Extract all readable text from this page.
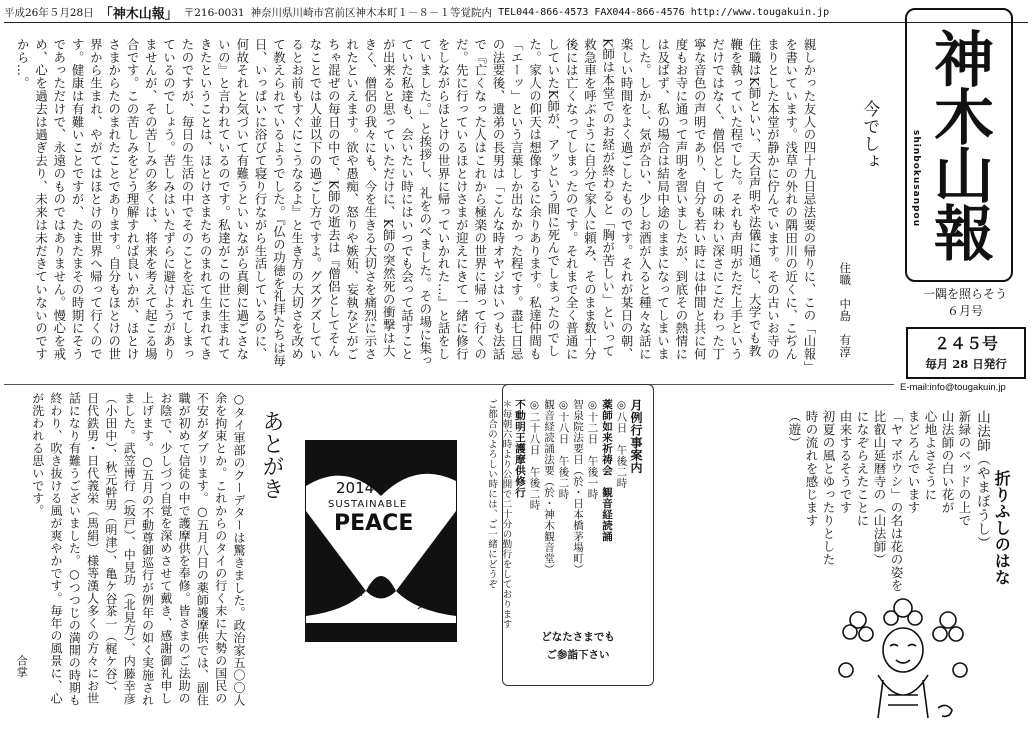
平成26年５月28日 「神木山報」 〒216-0031 神奈川県川崎市宮前区神木本町１－８－１等覚院内 TEL044-866-4573 FAX044-866-4576 http://www.tougakuin.jp
神木山報
shinbokusanpou
一隅を照らそう
６月号
２４５号
毎月 28 日発行
E-mail:info@tougakuin.jp
今でしょ
住職　中島　有淳
親しかった友人の四十九日忌法要の帰りに、この「山報」を書いています。浅草の外れの隅田川の近くに、こぢんまりとした本堂が静かに佇んでいます。その古いお寺の住職はK師といい、天台声明や法儀に通じ、大学でも教鞭を執っていた程でした。それも声明がただ上手というだけではなく、僧侶としての味わい深さにこだわった丁寧な音色の声明であり、自分も若い時には仲間と共に何度もお寺に通って声明を習いましたが、到底その熱情には及ばず、私の場合は結局中途のままになってしまいました。しかし、気が合い、少しお酒が入ると種々な話に楽しい時間をよく過ごしたものです。それが某日の朝、K師は本堂でのお経が終わると「胸が苦しい」といって救急車を呼ぶように自分で家人に頼み、そのまま数十分後には亡くなってしまったのです。それまで全く普通にしていたK師が、アッという間に死んでしまったのでした。家人の仰天は想像するに余りあります。私達仲間も「エーッ」という言葉しか出なかった程です。盡七日忌の法要後、遺弟の長男は「こんな時オヤジはいつも法話で『亡くなった人はこれから極楽の世界に帰って行くのだ。先に行っているほとけさまが迎えにきて一緒に修行をしながらほとけの世界に帰っていかれた…』と話をしていました。」と挨拶し、礼をのべました。その場に集っていた私達も、会いたい時にはいつでも会って話すことが出来ると思っていただけに、K師の突然死の衝撃は大きく、僧侶の我々にも、今を生きる大切さを痛烈に示されたといえます。欲や愚痴、怒りや嫉妬、妄執などがごちゃ混ぜの毎日の中で、K師の逝去は『僧侶としてそんなことでは人並以下の過ごし方ですよ。グズグズしているとお前もすぐにこうなるよ』と生き方の大切さを改めて教えられているようでした。『仏の功徳を礼拝たちは毎日、いっぱいに浴びて寝り行ながら生活しているのに、何故それと気づいて有難うといいながら真剣に過ごさないの』と言われているのです。私達がこの世に生まれてきたということは、ほとけさまたちのまれて生まれてきたのですが、毎日の生活の中でそのことを忘れてしまっているのでしょう。苦しみはいたずらに避けようがありませんが、その苦しみの多くは、将来を考えて起こる場合です。この苦しみをどう理解すれば良いかが、ほとけさまからたのまれたことであります。自分もほとけの世界から生まれ、やがてはほとけの世界へ帰って行くのです。健康は有難いことですが、たまたまその時期にそうであっただけで、永遠のものではありません。慢心を戒め、心を過去は過ぎ去り、未来は未だきていないのですから…。
折りふしのはな
山法師（やまぼうし）
新緑のベッドの上で
山法師の白い花が
心地よさそうに
まどろんでいます
「ヤマボウシ」の名は花の姿を
比叡山延暦寺の（山法師）
になぞらえたことに
由来するそうです
初夏の風とゆったりとした
時の流れを感じます
（遊）
月例行事案内
◎八日　午後二時
薬師如来祈祷会　観音経読誦
◎十二日　午後一時
智泉院法要日（於・日本橋茅場町）
◎十八日　午後二時
観音経読誦法要（於・神木観音堂）
◎二十八日　午後二時
不動明王護摩供修行
＊毎朝六時より公開で二十分の勤行をしております
ご都合のよろしい時には、ご一緒にどうぞ
どなたさまでも
ご参詣下さい
2014
SUSTAINABLE
PEACE
from here.
あとがき
○タイ軍部のクーデターは驚きました。政治家五〇〇人余を拘束とか。これからのタイの行く末に大勢の国民の不安がダブリます。○五月八日の薬師護摩供では、副住職が初めて信徒の中で護摩供を奉修。皆さまのご法助のお陰で、少しづつ自覚を深めさせて戴き、感謝御礼申し上げます。○五月の不動尊御巡行が例年の如く実施されました。武笠博行（坂戸）、中見功（北見方）、内藤幸彦（小田中）、秋元幹男（明津）、亀ケ谷茶一（梶ケ谷）、日代鉄男・日代義栄（馬絹）様等漢人多くの方々にお世話になり有難うございました。○つつじの満開の時期も終わり、吹き抜ける風が爽やかです。毎年の風景に、心が洗われる思いです。
合掌
